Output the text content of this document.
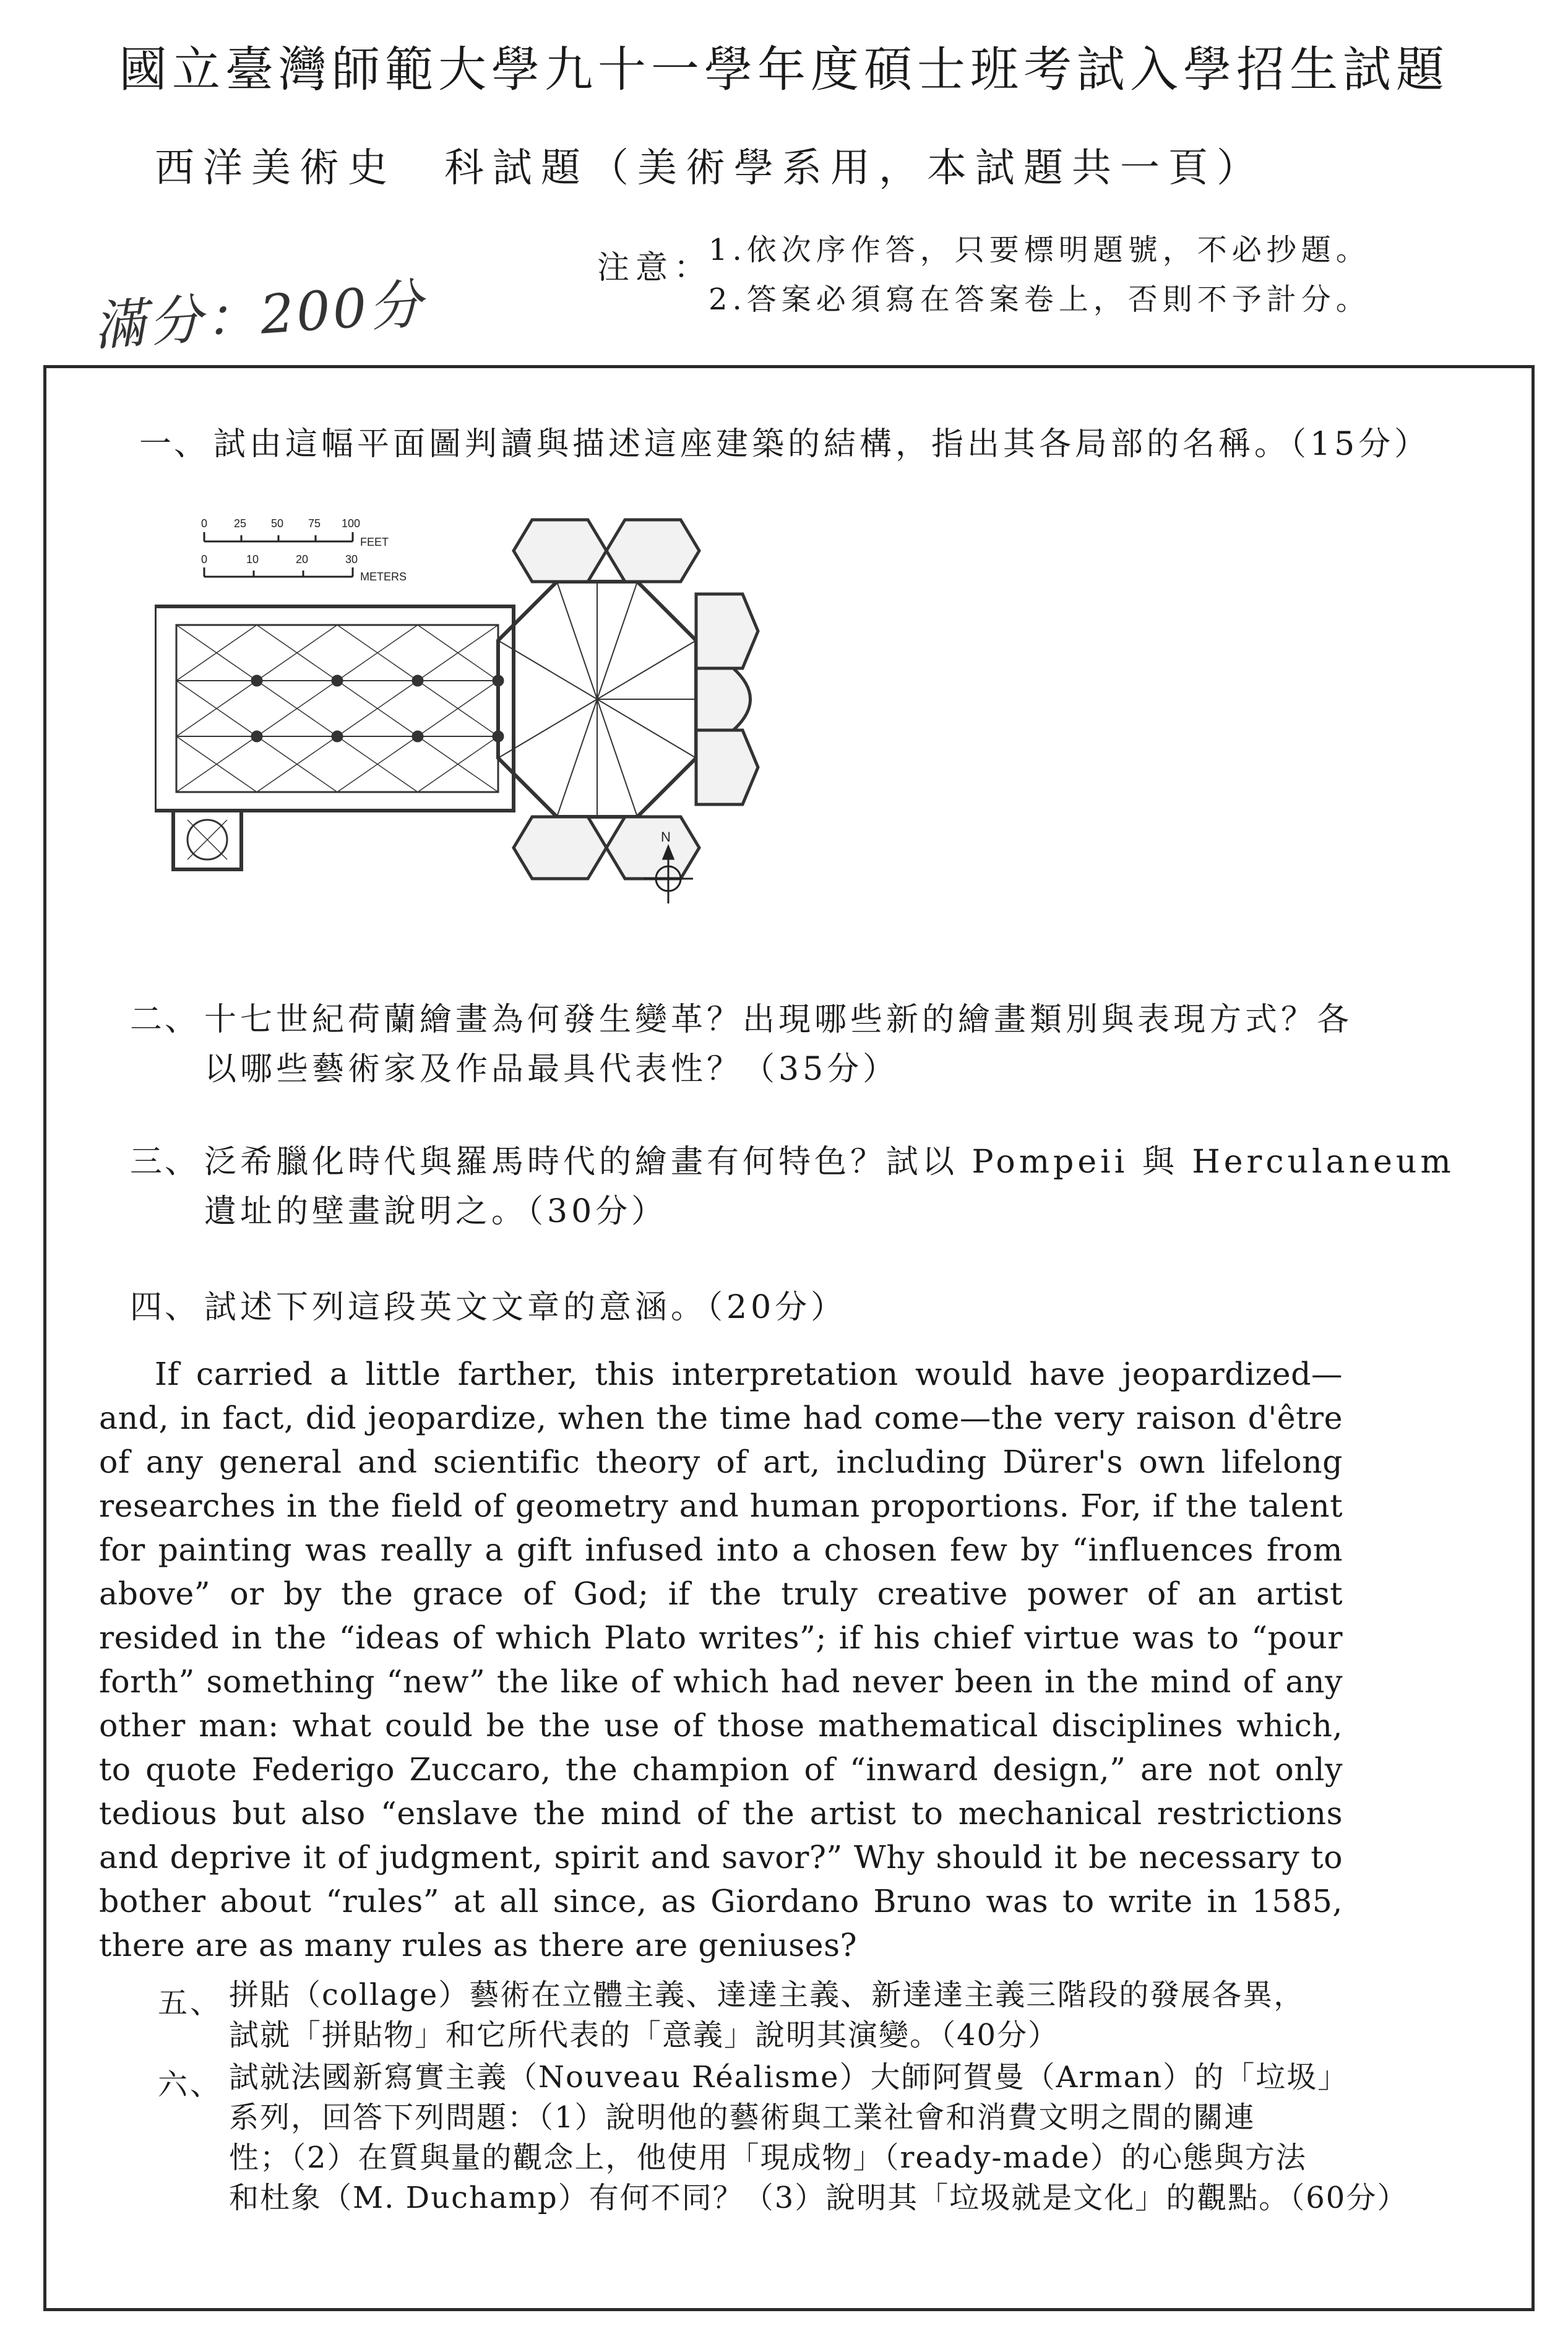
國立臺灣師範大學九十一學年度碩士班考試入學招生試題
西洋美術史　科試題（美術學系用，本試題共一頁）
注意：
1.依次序作答，只要標明題號，不必抄題。
2.答案必須寫在答案卷上，否則不予計分。
滿分：200分
一、 試由這幅平面圖判讀與描述這座建築的結構，指出其各局部的名稱。（15分）
0 25 50 75 100
FEET
0	10	20	30
METERS
N
二、 十七世紀荷蘭繪畫為何發生變革？出現哪些新的繪畫類別與表現方式？各
以哪些藝術家及作品最具代表性？（35分）
三、 泛希臘化時代與羅馬時代的繪畫有何特色？試以 Pompeii 與 Herculaneum
遺址的壁畫說明之。（30分）
四、 試述下列這段英文文章的意涵。（20分）

If carried a little farther, this interpretation would have jeopardized—and, in fact, did jeopardize, when the time had come—the very raison d'être of any general and scientific theory of art, including Dürer's own lifelong researches in the field of geometry and human proportions. For, if the talent for painting was really a gift infused into a chosen few by “influences from above” or by the grace of God; if the truly creative power of an artist resided in the “ideas of which Plato writes”; if his chief virtue was to “pour forth” something “new” the like of which had never been in the mind of any other man: what could be the use of those mathematical disciplines which, to quote Federigo Zuccaro, the champion of “inward design,” are not only tedious but also “enslave the mind of the artist to mechanical restrictions and deprive it of judgment, spirit and savor?” Why should it be necessary to bother about “rules” at all since, as Giordano Bruno was to write in 1585, there are as many rules as there are geniuses?

五、 拼貼（collage）藝術在立體主義、達達主義、新達達主義三階段的發展各異，
試就「拼貼物」和它所代表的「意義」說明其演變。（40分）
六、 試就法國新寫實主義（Nouveau Réalisme）大師阿賀曼（Arman）的「垃圾」
系列，回答下列問題：（1）說明他的藝術與工業社會和消費文明之間的關連
性；（2）在質與量的觀念上，他使用「現成物」（ready-made）的心態與方法
和杜象（M. Duchamp）有何不同？（3）說明其「垃圾就是文化」的觀點。（60分）
